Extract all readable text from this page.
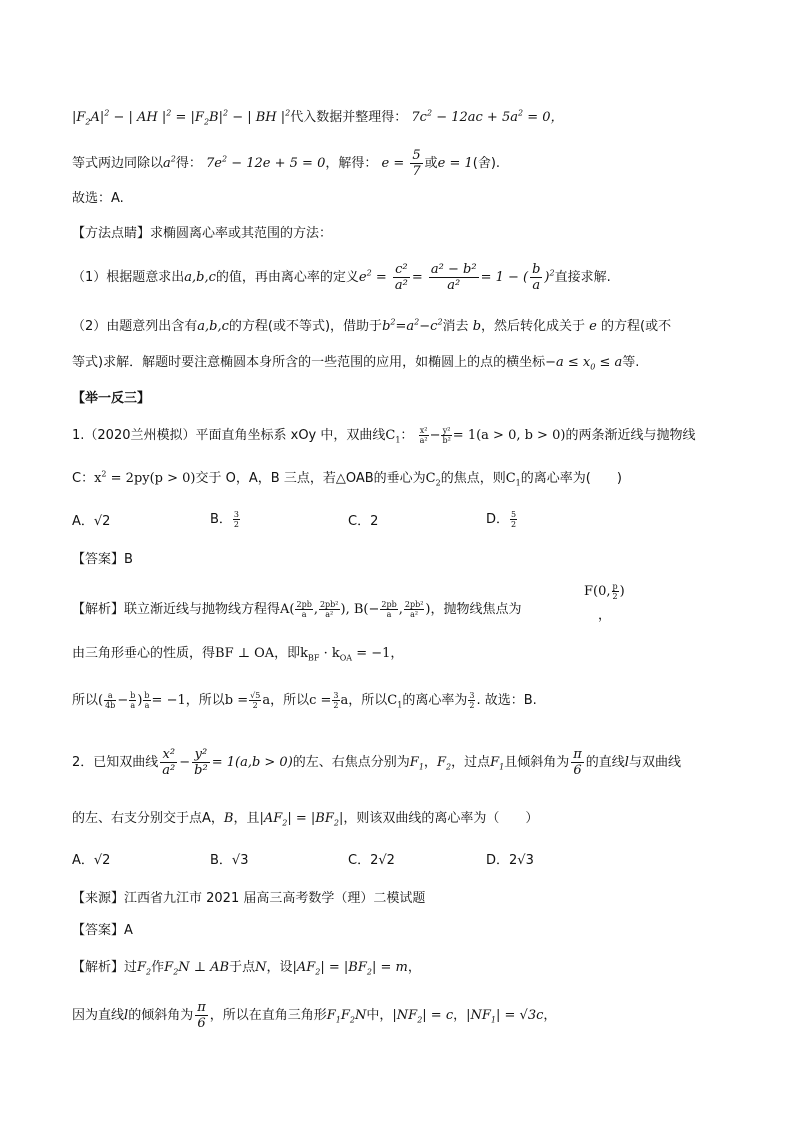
$|F_2A|^2$ − | AH $|^2 = |F_2B|^2$ − | BH $|^2$代入数据并整理得： $7c^2 - 12ac + 5a^2 = 0$，
等式两边同除以$a^2$得： $7e^2 - 12e + 5 = 0$，解得： $e = \frac{5}{7}$ 或e = 1(舍).
故选：A.
【方法点睛】求椭圆离心率或其范围的方法：
（1）根据题意求出a,b,c的值，再由离心率的定义$e^2 = \frac{\text{c²}}{\text{a²}} = \frac{\text{a² − b²}}{\text{a²}} = 1$ − ( $\frac{b}{a} )^2$直接求解.
（2）由题意列出含有a,b,c的方程(或不等式)，借助于$b^2=a^2-c^2$消去 b，然后转化成关于 e 的方程(或不
等式)求解．解题时要注意椭圆本身所含的一些范围的应用，如椭圆上的点的横坐标$-a \le x_0 \le a$等.
【举一反三】
1.（2020兰州模拟）平面直角坐标系 xOy 中，双曲线$C_1$： $\frac{\text{x²}}{\text{a²}} - \frac{\text{y²}}{\text{b²}} = 1(a > 0$, b > 0)的两条渐近线与抛物线
C：$x^2 = 2py(p > 0)$交于 O，A，B 三点，若△OAB的垂心为$C_2$的焦点，则$C_1$的离心率为(　　)
A．√2	B． $\frac{3}{2}$	C．2	D． $\frac{5}{2}$
【答案】B
【解析】联立渐近线与抛物线方程得$A( \frac{2pb}{a}$ , $\frac{\text{2pb²}}{\text{a²}}$ ), $B(- \frac{2pb}{a}$ , $\frac{\text{2pb²}}{\text{a²}}$ )，抛物线焦点为
F(0, $\frac{p}{2}$ )
，
由三角形垂心的性质，得BF ⊥ OA，即$k_{BF} \cdot k_{OA} = -1$，
所以( $\frac{a}{4b} - \frac{b}{a}$ ) $\frac{b}{a} = -1$，所以$b = \frac{√5}{2}$ a，所以$c = \frac{3}{2}$ a，所以$C_1$的离心率为 $\frac{3}{2}$ . 故选：B.
2．已知双曲线 $\frac{\text{x²}}{\text{a²}} - \frac{\text{y²}}{\text{b²}} = 1(a,b > 0)$的左、右焦点分别为$F_1$，$F_2$，过点$F_1$且倾斜角为 $\frac{\pi}{6}$ 的直线l与双曲线
的左、右支分别交于点A，B，且$|AF_2| = |BF_2|$，则该双曲线的离心率为（　　）
A．√2	B．√3	C．2√2	D．2√3
【来源】江西省九江市 2021 届高三高考数学（理）二模试题
【答案】A
【解析】过$F_2$作$F_2N$ ⊥ AB于点N，设$|AF_2| = |BF_2| = m$，
因为直线l的倾斜角为 $\frac{\pi}{6}$ ，所以在直角三角形$F_1F_2N$中，$|NF_2| = c$，$|NF_1| = √3c$，
